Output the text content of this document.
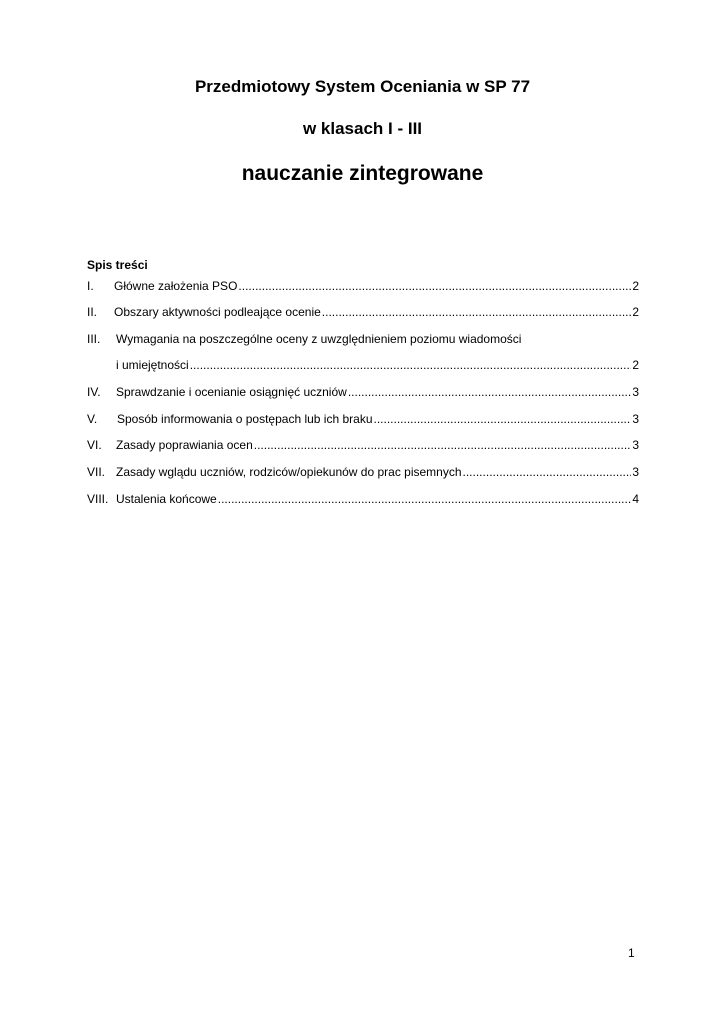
Przedmiotowy System Oceniania w SP 77
w klasach I - III
nauczanie zintegrowane
Spis treści
I.	Główne założenia PSO .....	2
II.	Obszary aktywności podleające ocenie .....	2
III. Wymagania na poszczególne oceny z uwzględnieniem poziomu wiadomości
i umiejętności .....	2
IV.	Sprawdzanie i ocenianie osiągnięć uczniów .....	3
V.	Sposób informowania o postępach lub ich braku .....	3
VI.	Zasady poprawiania ocen .....	3
VII. Zasady wglądu uczniów, rodziców/opiekunów do prac pisemnych .....	3
VIII. Ustalenia końcowe .....	4
1
